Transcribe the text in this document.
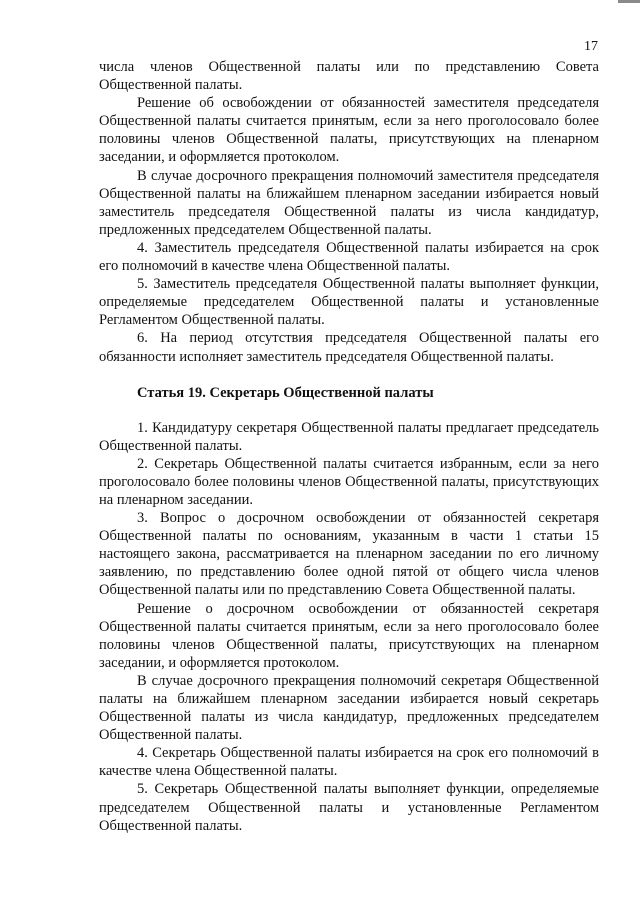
17

числа членов Общественной палаты или по представлению Совета Общественной палаты.

Решение об освобождении от обязанностей заместителя председателя Общественной палаты считается принятым, если за него проголосовало более половины членов Общественной палаты, присутствующих на пленарном заседании, и оформляется протоколом.

В случае досрочного прекращения полномочий заместителя председателя Общественной палаты на ближайшем пленарном заседании избирается новый заместитель председателя Общественной палаты из числа кандидатур, предложенных председателем Общественной палаты.

4. Заместитель председателя Общественной палаты избирается на срок его полномочий в качестве члена Общественной палаты.

5. Заместитель председателя Общественной палаты выполняет функции, определяемые председателем Общественной палаты и установленные Регламентом Общественной палаты.

6. На период отсутствия председателя Общественной палаты его обязанности исполняет заместитель председателя Общественной палаты.

Статья 19. Секретарь Общественной палаты

1. Кандидатуру секретаря Общественной палаты предлагает председатель Общественной палаты.

2. Секретарь Общественной палаты считается избранным, если за него проголосовало более половины членов Общественной палаты, присутствующих на пленарном заседании.

3. Вопрос о досрочном освобождении от обязанностей секретаря Общественной палаты по основаниям, указанным в части 1 статьи 15 настоящего закона, рассматривается на пленарном заседании по его личному заявлению, по представлению более одной пятой от общего числа членов Общественной палаты или по представлению Совета Общественной палаты.

Решение о досрочном освобождении от обязанностей секретаря Общественной палаты считается принятым, если за него проголосовало более половины членов Общественной палаты, присутствующих на пленарном заседании, и оформляется протоколом.

В случае досрочного прекращения полномочий секретаря Общественной палаты на ближайшем пленарном заседании избирается новый секретарь Общественной палаты из числа кандидатур, предложенных председателем Общественной палаты.

4. Секретарь Общественной палаты избирается на срок его полномочий в качестве члена Общественной палаты.

5. Секретарь Общественной палаты выполняет функции, определяемые председателем Общественной палаты и установленные Регламентом Общественной палаты.
